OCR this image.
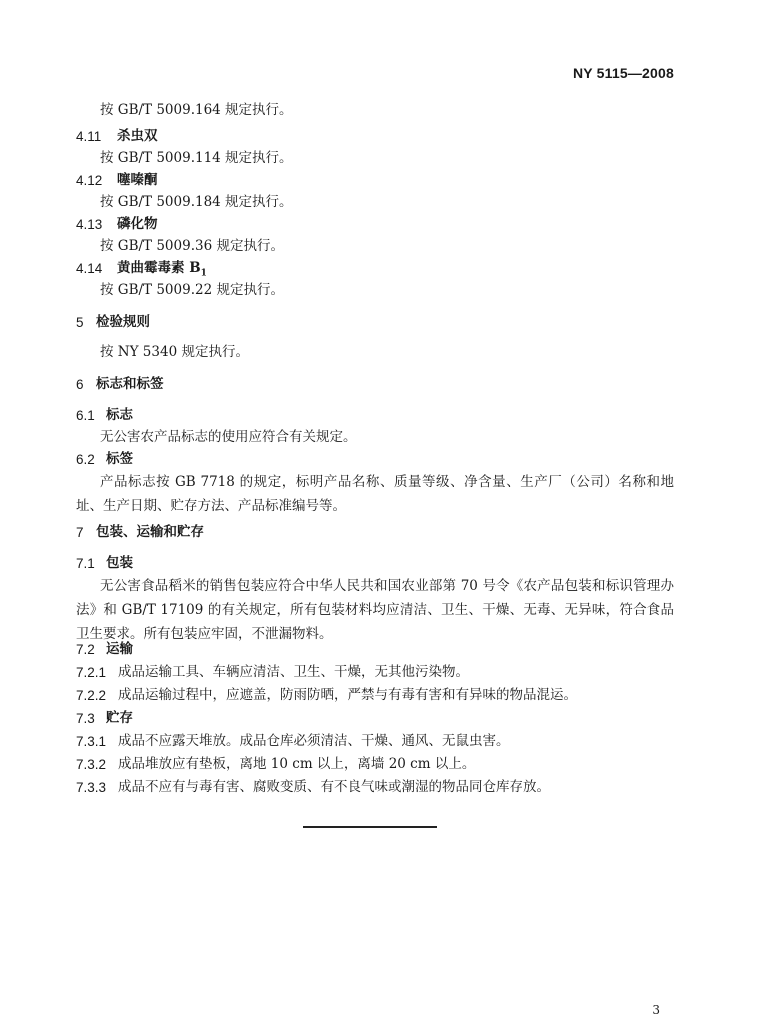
NY 5115—2008
按 GB/T 5009.164 规定执行。
4.11 杀虫双
按 GB/T 5009.114 规定执行。
4.12 噻嗪酮
按 GB/T 5009.184 规定执行。
4.13 磷化物
按 GB/T 5009.36 规定执行。
4.14 黄曲霉毒素 $B_1$
按 GB/T 5009.22 规定执行。
5 检验规则
按 NY 5340 规定执行。
6 标志和标签
6.1 标志
无公害农产品标志的使用应符合有关规定。
6.2 标签
产品标志按 GB 7718 的规定，标明产品名称、质量等级、净含量、生产厂（公司）名称和地址、生产日期、贮存方法、产品标准编号等。
7 包装、运输和贮存
7.1 包装
无公害食品稻米的销售包装应符合中华人民共和国农业部第 70 号令《农产品包装和标识管理办法》和 GB/T 17109 的有关规定，所有包装材料均应清洁、卫生、干燥、无毒、无异味，符合食品卫生要求。所有包装应牢固，不泄漏物料。
7.2 运输
7.2.1 成品运输工具、车辆应清洁、卫生、干燥，无其他污染物。
7.2.2 成品运输过程中，应遮盖，防雨防晒，严禁与有毒有害和有异味的物品混运。
7.3 贮存
7.3.1 成品不应露天堆放。成品仓库必须清洁、干燥、通风、无鼠虫害。
7.3.2 成品堆放应有垫板，离地 10 cm 以上，离墙 20 cm 以上。
7.3.3 成品不应有与毒有害、腐败变质、有不良气味或潮湿的物品同仓库存放。
3
